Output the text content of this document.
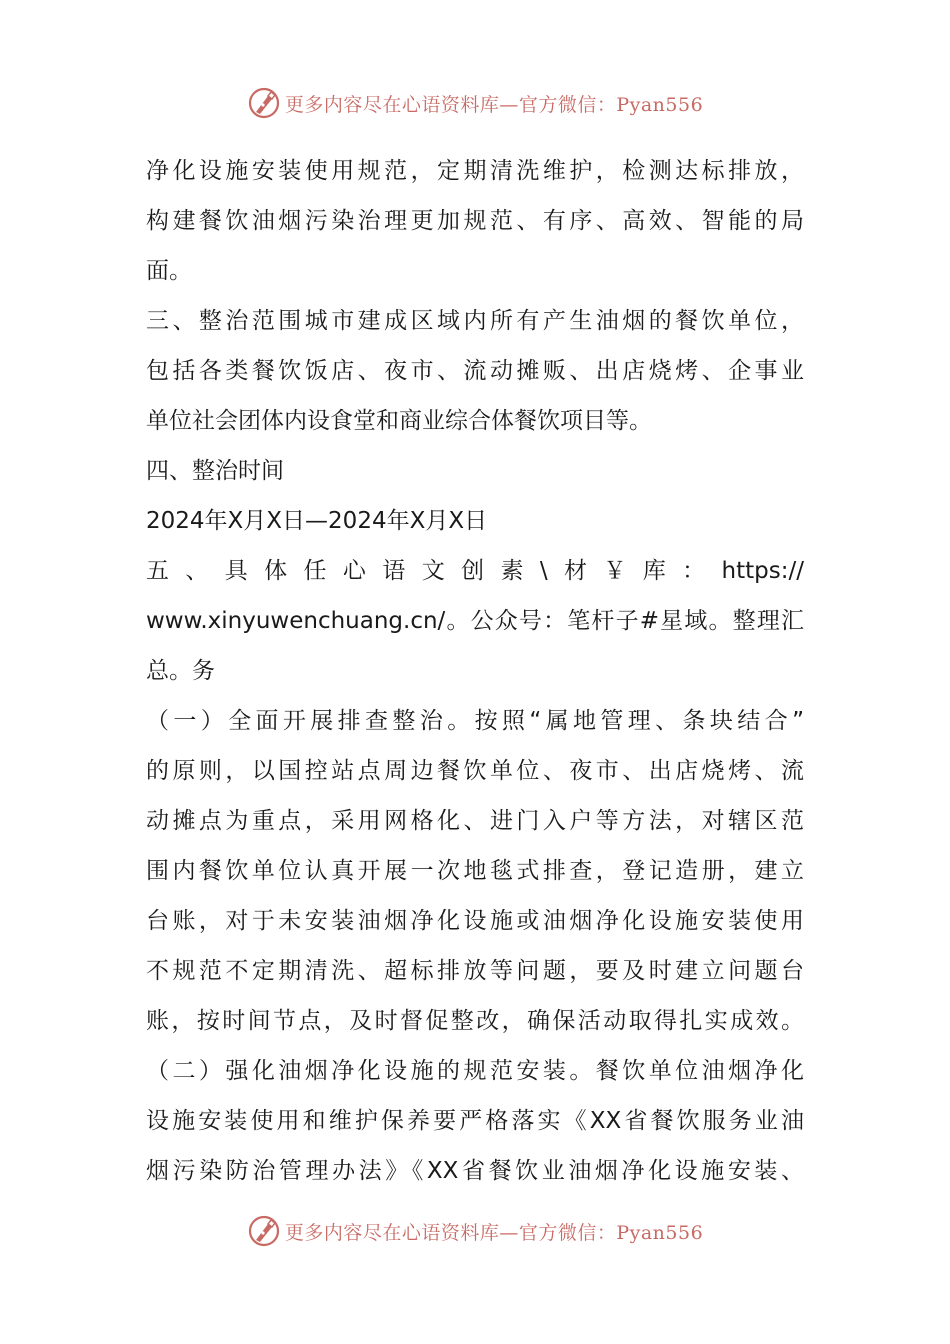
更多内容尽在心语资料库—官方微信：Pyan556
净化设施安装使用规范，定期清洗维护，检测达标排放，
构建餐饮油烟污染治理更加规范、有序、高效、智能的局
面。
三、整治范围城市建成区域内所有产生油烟的餐饮单位，
包括各类餐饮饭店、夜市、流动摊贩、出店烧烤、企事业
单位社会团体内设食堂和商业综合体餐饮项目等。
四、整治时间
2024年X月X日—2024年X月X日
五、具体任心语文创素\材￥库：https://
www.xinyuwenchuang.cn/。公众号：笔杆子#星域。整理汇
总。务
（一）全面开展排查整治。按照“属地管理、条块结合”
的原则，以国控站点周边餐饮单位、夜市、出店烧烤、流
动摊点为重点，采用网格化、进门入户等方法，对辖区范
围内餐饮单位认真开展一次地毯式排查，登记造册，建立
台账，对于未安装油烟净化设施或油烟净化设施安装使用
不规范不定期清洗、超标排放等问题，要及时建立问题台
账，按时间节点，及时督促整改，确保活动取得扎实成效。
（二）强化油烟净化设施的规范安装。餐饮单位油烟净化
设施安装使用和维护保养要严格落实《XX省餐饮服务业油
烟污染防治管理办法》《XX省餐饮业油烟净化设施安装、
更多内容尽在心语资料库—官方微信：Pyan556
